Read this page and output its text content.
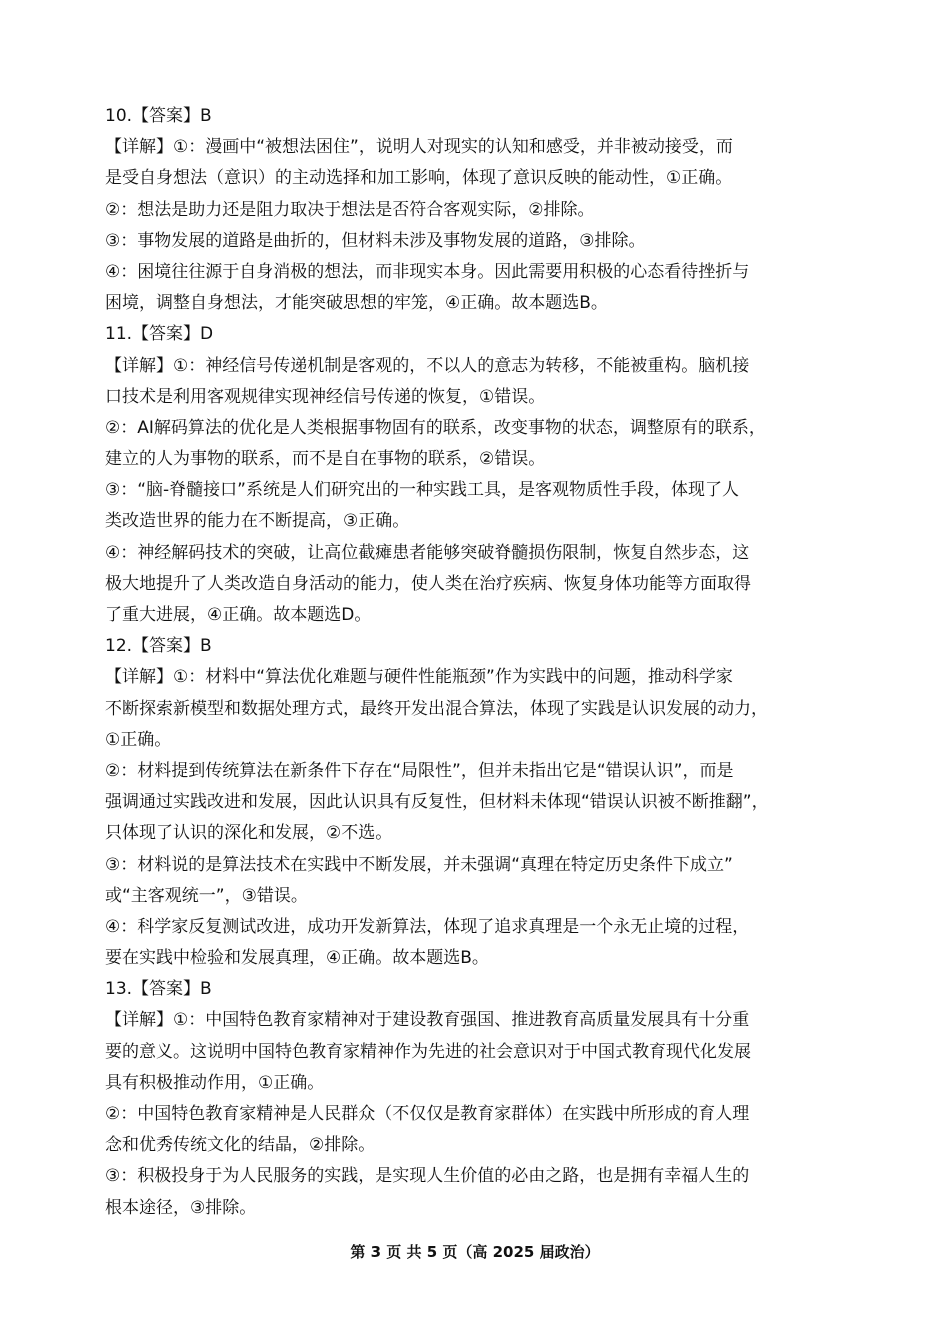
10.【答案】B
【详解】①：漫画中“被想法困住”，说明人对现实的认知和感受，并非被动接受，而
是受自身想法（意识）的主动选择和加工影响，体现了意识反映的能动性，①正确。
②：想法是助力还是阻力取决于想法是否符合客观实际，②排除。
③：事物发展的道路是曲折的，但材料未涉及事物发展的道路，③排除。
④：困境往往源于自身消极的想法，而非现实本身。因此需要用积极的心态看待挫折与
困境，调整自身想法，才能突破思想的牢笼，④正确。故本题选B。
11.【答案】D
【详解】①：神经信号传递机制是客观的，不以人的意志为转移，不能被重构。脑机接
口技术是利用客观规律实现神经信号传递的恢复，①错误。
②：AI解码算法的优化是人类根据事物固有的联系，改变事物的状态，调整原有的联系，
建立的人为事物的联系，而不是自在事物的联系，②错误。
③：“脑-脊髓接口”系统是人们研究出的一种实践工具，是客观物质性手段，体现了人
类改造世界的能力在不断提高，③正确。
④：神经解码技术的突破，让高位截瘫患者能够突破脊髓损伤限制，恢复自然步态，这
极大地提升了人类改造自身活动的能力，使人类在治疗疾病、恢复身体功能等方面取得
了重大进展，④正确。故本题选D。
12.【答案】B
【详解】①：材料中“算法优化难题与硬件性能瓶颈”作为实践中的问题，推动科学家
不断探索新模型和数据处理方式，最终开发出混合算法，体现了实践是认识发展的动力，
①正确。
②：材料提到传统算法在新条件下存在“局限性”，但并未指出它是“错误认识”，而是
强调通过实践改进和发展，因此认识具有反复性，但材料未体现“错误认识被不断推翻”，
只体现了认识的深化和发展，②不选。
③：材料说的是算法技术在实践中不断发展，并未强调“真理在特定历史条件下成立”
或“主客观统一”，③错误。
④：科学家反复测试改进，成功开发新算法，体现了追求真理是一个永无止境的过程，
要在实践中检验和发展真理，④正确。故本题选B。
13.【答案】B
【详解】①：中国特色教育家精神对于建设教育强国、推进教育高质量发展具有十分重
要的意义。这说明中国特色教育家精神作为先进的社会意识对于中国式教育现代化发展
具有积极推动作用，①正确。
②：中国特色教育家精神是人民群众（不仅仅是教育家群体）在实践中所形成的育人理
念和优秀传统文化的结晶，②排除。
③：积极投身于为人民服务的实践，是实现人生价值的必由之路，也是拥有幸福人生的
根本途径，③排除。
第 3 页 共 5 页（高 2025 届政治）
